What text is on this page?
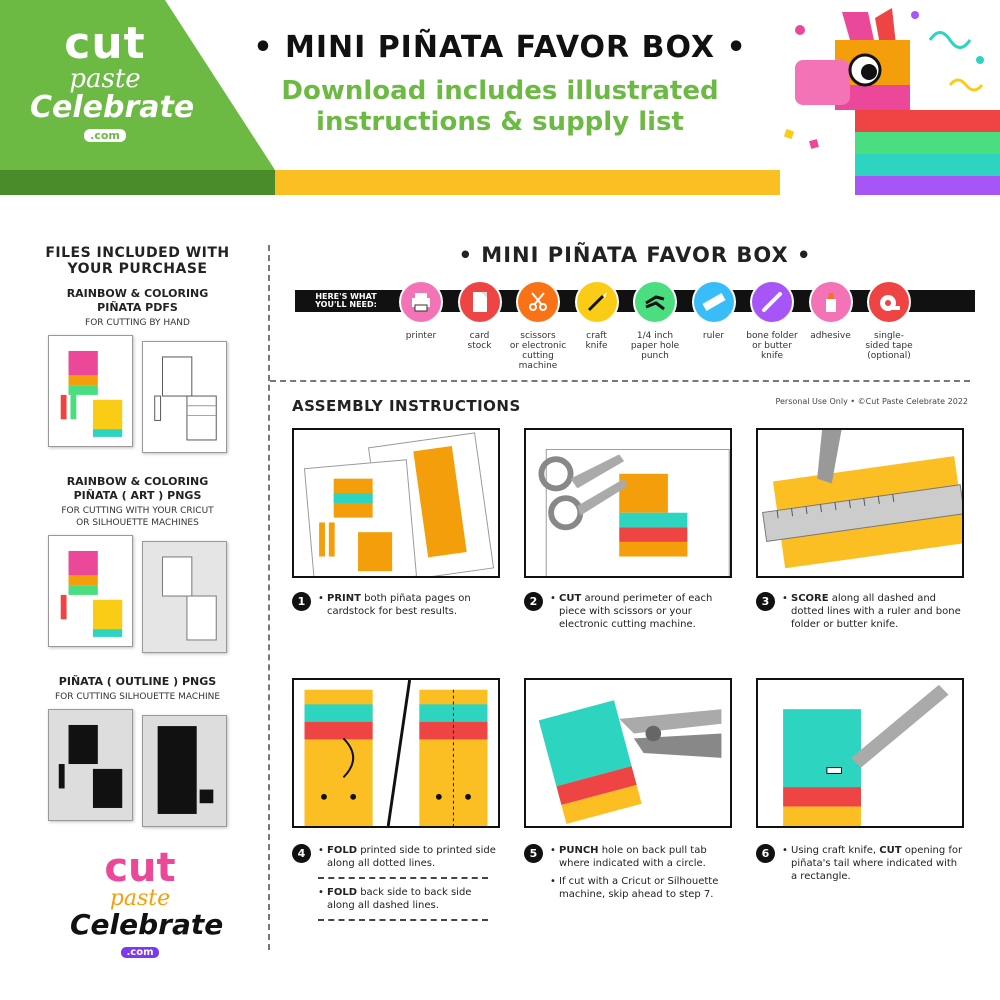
cut
paste
Celebrate
.com
• MINI PIÑATA FAVOR BOX •
Download includes illustrated
instructions & supply list
FILES INCLUDED WITH
YOUR PURCHASE
RAINBOW & COLORING
PIÑATA PDFS
FOR CUTTING BY HAND
RAINBOW & COLORING
PIÑATA ( ART ) PNGS
FOR CUTTING WITH YOUR CRICUT
OR SILHOUETTE MACHINES
PIÑATA ( OUTLINE ) PNGS
FOR CUTTING SILHOUETTE MACHINE
cut
paste
Celebrate
.com
• MINI PIÑATA FAVOR BOX •
HERE'S WHAT
YOU'LL NEED:
printer	card
stock
scissors
or electronic
cutting machine
craft
knife
1/4 inch
paper hole
punch
ruler	bone folder
or butter
knife
adhesive	single-
sided tape
(optional)
ASSEMBLY INSTRUCTIONS	Personal Use Only • ©Cut Paste Celebrate 2022
1	• PRINT both piñata pages on cardstock for best results.
2	• CUT around perimeter of each piece with scissors or your electronic cutting machine.
3	• SCORE along all dashed and dotted lines with a ruler and bone folder or butter knife.
4	• FOLD printed side to printed side along all dotted lines.
• FOLD back side to back side along all dashed lines.
5	• PUNCH hole on back pull tab where indicated with a circle.
• If cut with a Cricut or Silhouette machine, skip ahead to step 7.
6	• Using craft knife, CUT opening for piñata's tail where indicated with a rectangle.
